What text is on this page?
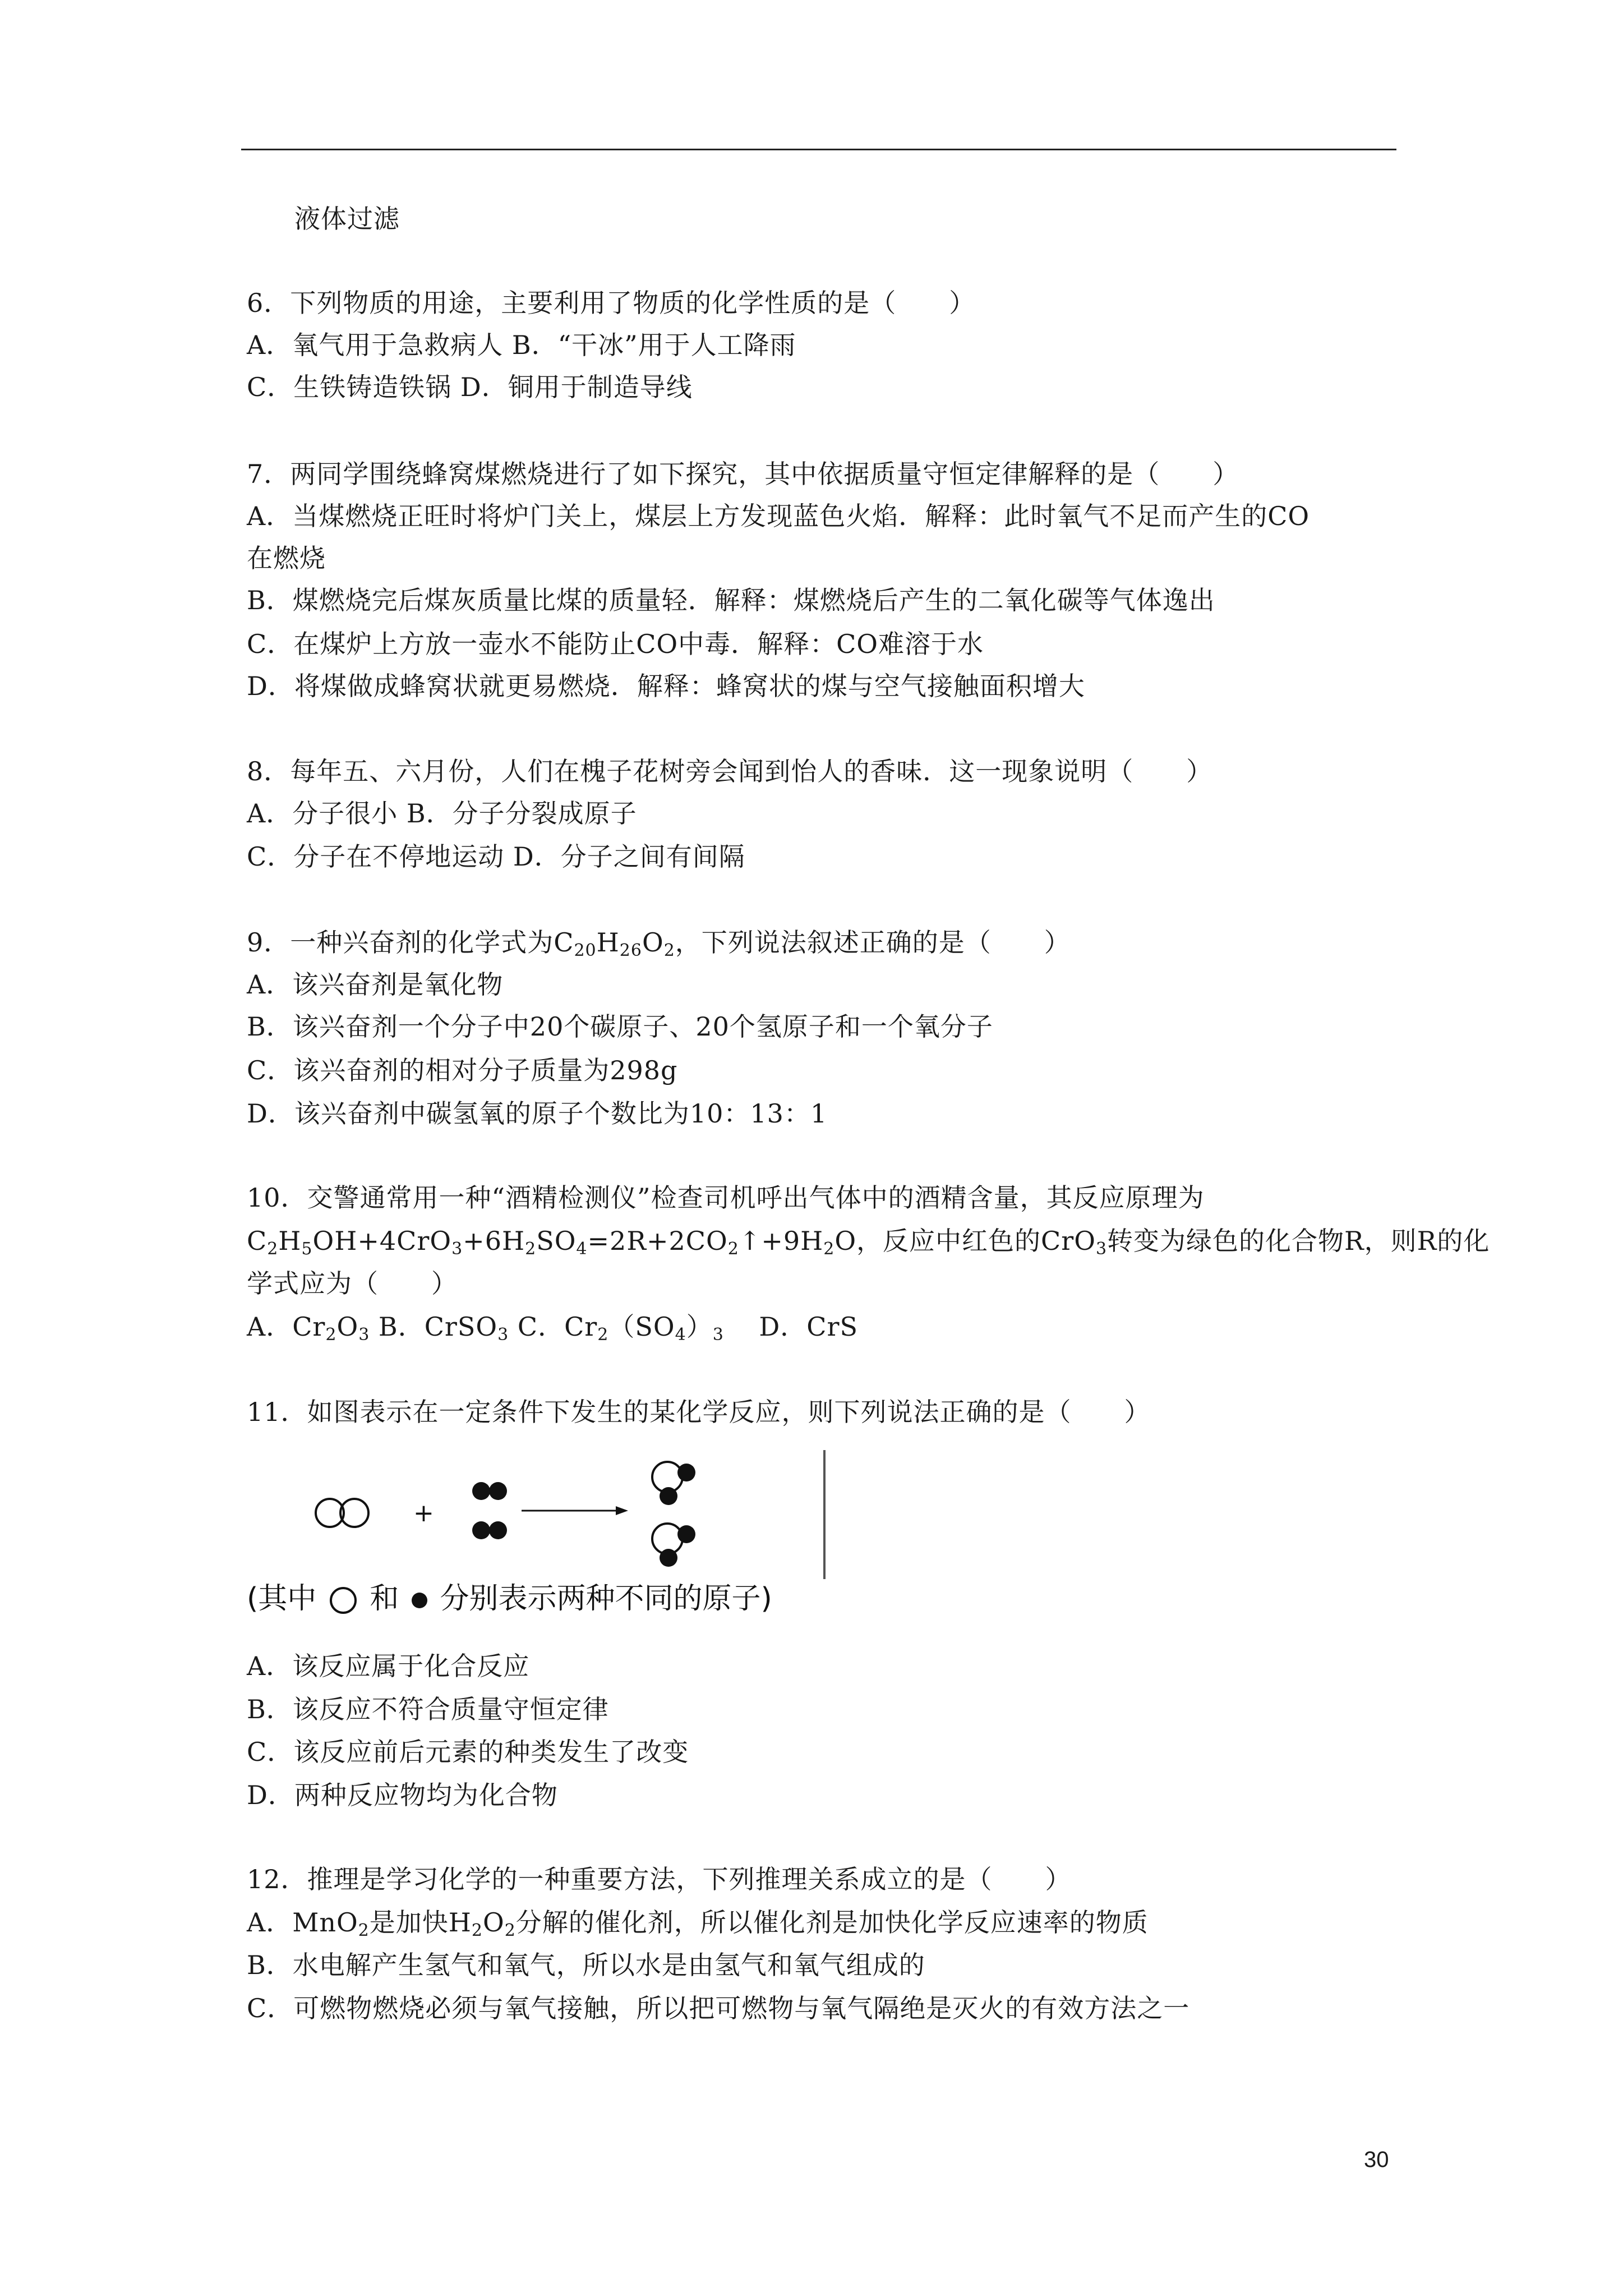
液体过滤
6．下列物质的用途，主要利用了物质的化学性质的是（　　）
A．氧气用于急救病人 B．“干冰”用于人工降雨
C．生铁铸造铁锅 D．铜用于制造导线
7．两同学围绕蜂窝煤燃烧进行了如下探究，其中依据质量守恒定律解释的是（　　）
A．当煤燃烧正旺时将炉门关上，煤层上方发现蓝色火焰．解释：此时氧气不足而产生的CO
在燃烧
B．煤燃烧完后煤灰质量比煤的质量轻．解释：煤燃烧后产生的二氧化碳等气体逸出
C．在煤炉上方放一壶水不能防止CO中毒．解释：CO难溶于水
D．将煤做成蜂窝状就更易燃烧．解释：蜂窝状的煤与空气接触面积增大
8．每年五、六月份，人们在槐子花树旁会闻到怡人的香味．这一现象说明（　　）
A．分子很小 B．分子分裂成原子
C．分子在不停地运动 D．分子之间有间隔
9．一种兴奋剂的化学式为$C_{20}H_{26}O_2$，下列说法叙述正确的是（　　）
A．该兴奋剂是氧化物
B．该兴奋剂一个分子中20个碳原子、20个氢原子和一个氧分子
C．该兴奋剂的相对分子质量为298g
D．该兴奋剂中碳氢氧的原子个数比为10：13：1
10．交警通常用一种“酒精检测仪”检查司机呼出气体中的酒精含量，其反应原理为
$C_2H_5OH+4CrO_3+6H_2SO_4=2R+2CO_2↑+9H_2O$，反应中红色的CrO$_3$转变为绿色的化合物R，则R的化
学式应为（　　）
A．$Cr_2O_3$ B．CrSO$_3$ C．$Cr_2(SO_4)_3$　 D．CrS
11．如图表示在一定条件下发生的某化学反应，则下列说法正确的是（　　）
+
(其中 和 分别表示两种不同的原子)
A．该反应属于化合反应
B．该反应不符合质量守恒定律
C．该反应前后元素的种类发生了改变
D．两种反应物均为化合物
12．推理是学习化学的一种重要方法，下列推理关系成立的是（　　）
A．MnO$_2$是加快$H_2O_2$分解的催化剂，所以催化剂是加快化学反应速率的物质
B．水电解产生氢气和氧气，所以水是由氢气和氧气组成的
C．可燃物燃烧必须与氧气接触，所以把可燃物与氧气隔绝是灭火的有效方法之一
30
